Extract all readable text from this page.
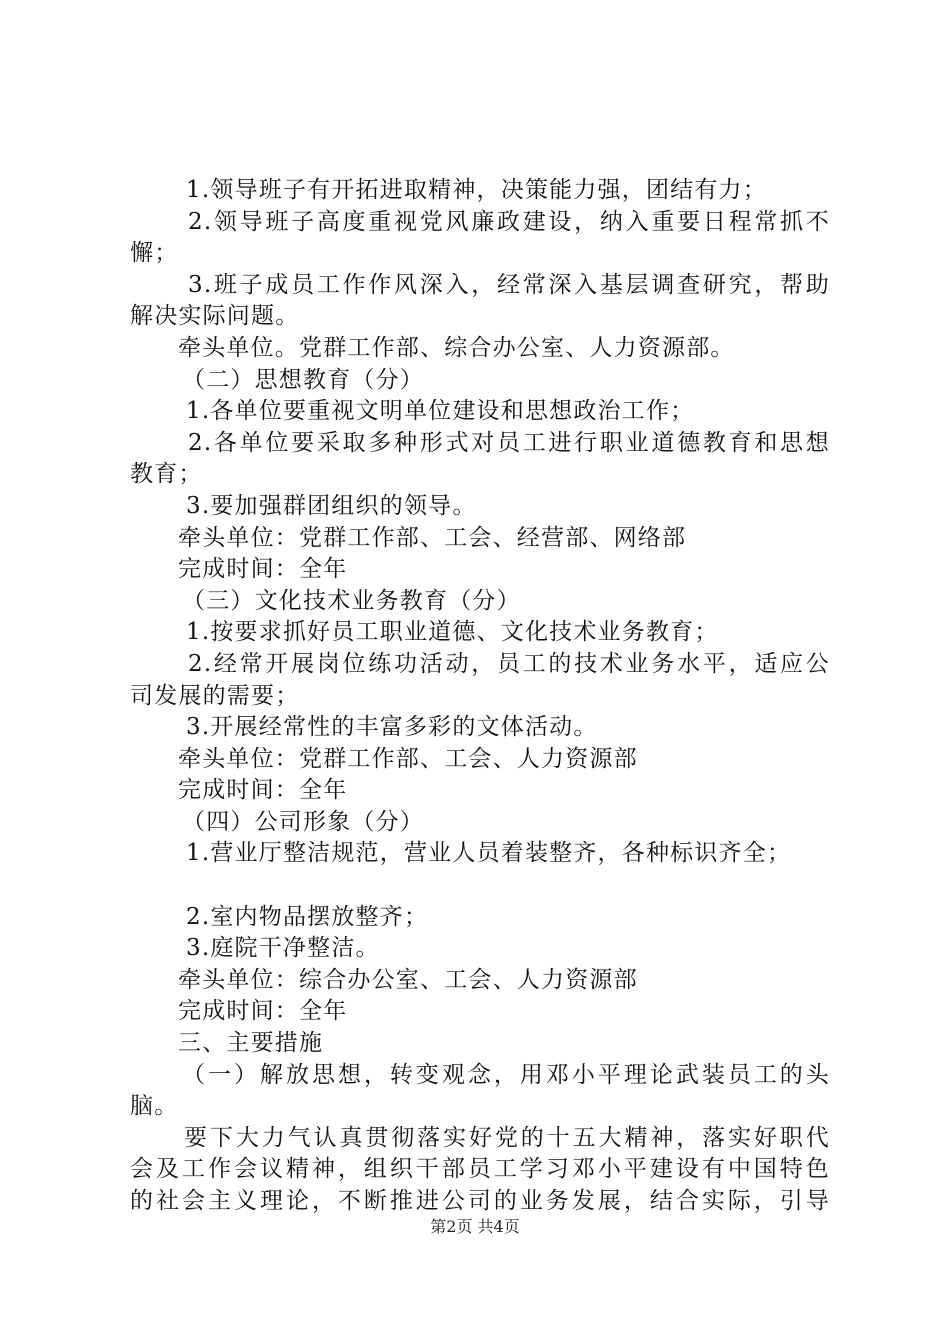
1.领导班子有开拓进取精神，决策能力强，团结有力；
2.领导班子高度重视党风廉政建设，纳入重要日程常抓不
懈；
3.班子成员工作作风深入，经常深入基层调查研究，帮助
解决实际问题。
牵头单位。党群工作部、综合办公室、人力资源部。
（二）思想教育（分）
1.各单位要重视文明单位建设和思想政治工作；
2.各单位要采取多种形式对员工进行职业道德教育和思想
教育；
3.要加强群团组织的领导。
牵头单位：党群工作部、工会、经营部、网络部
完成时间：全年
（三）文化技术业务教育（分）
1.按要求抓好员工职业道德、文化技术业务教育；
2.经常开展岗位练功活动，员工的技术业务水平，适应公
司发展的需要；
3.开展经常性的丰富多彩的文体活动。
牵头单位：党群工作部、工会、人力资源部
完成时间：全年
（四）公司形象（分）
1.营业厅整洁规范，营业人员着装整齐，各种标识齐全；
2.室内物品摆放整齐；
3.庭院干净整洁。
牵头单位：综合办公室、工会、人力资源部
完成时间：全年
三、主要措施
（一）解放思想，转变观念，用邓小平理论武装员工的头
脑。
要下大力气认真贯彻落实好党的十五大精神，落实好职代
会及工作会议精神，组织干部员工学习邓小平建设有中国特色
的社会主义理论，不断推进公司的业务发展，结合实际，引导
第2页 共4页
